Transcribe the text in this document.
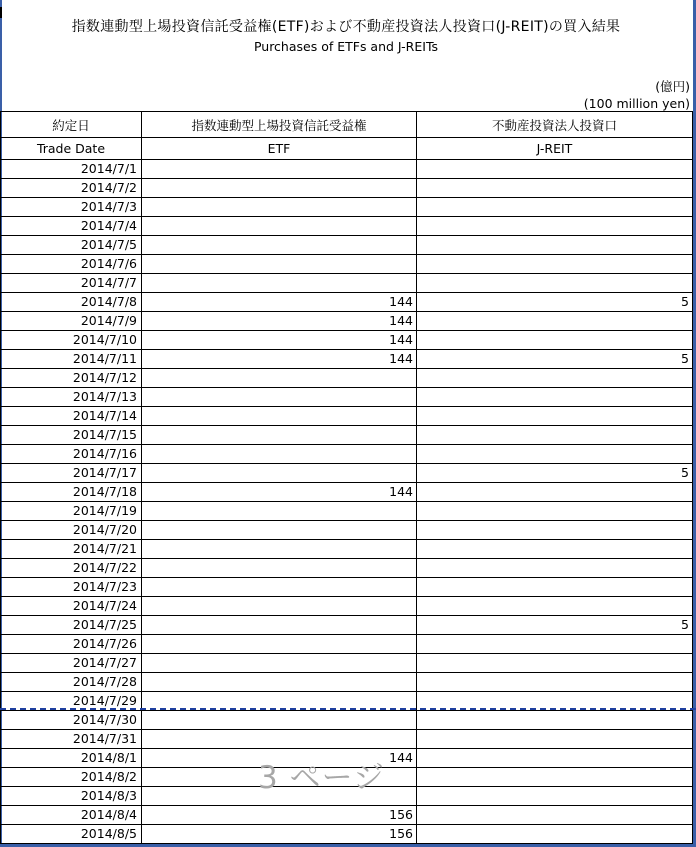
指数連動型上場投資信託受益権(ETF)および不動産投資法人投資口(J-REIT)の買入結果
Purchases of ETFs and J-REITs
(億円)
(100 million yen)
約定日	指数連動型上場投資信託受益権	不動産投資法人投資口
Trade Date	ETF	J-REIT
2014/7/1		
2014/7/2		
2014/7/3		
2014/7/4		
2014/7/5		
2014/7/6		
2014/7/7		
2014/7/8	144	5
2014/7/9	144	
2014/7/10	144	
2014/7/11	144	5
2014/7/12		
2014/7/13		
2014/7/14		
2014/7/15		
2014/7/16		
2014/7/17		5
2014/7/18	144	
2014/7/19		
2014/7/20		
2014/7/21		
2014/7/22		
2014/7/23		
2014/7/24		
2014/7/25		5
2014/7/26		
2014/7/27		
2014/7/28		
2014/7/29		
2014/7/30		
2014/7/31		
2014/8/1	144	
2014/8/2		
2014/8/3		
2014/8/4	156	
2014/8/5	156	
3 ページ
